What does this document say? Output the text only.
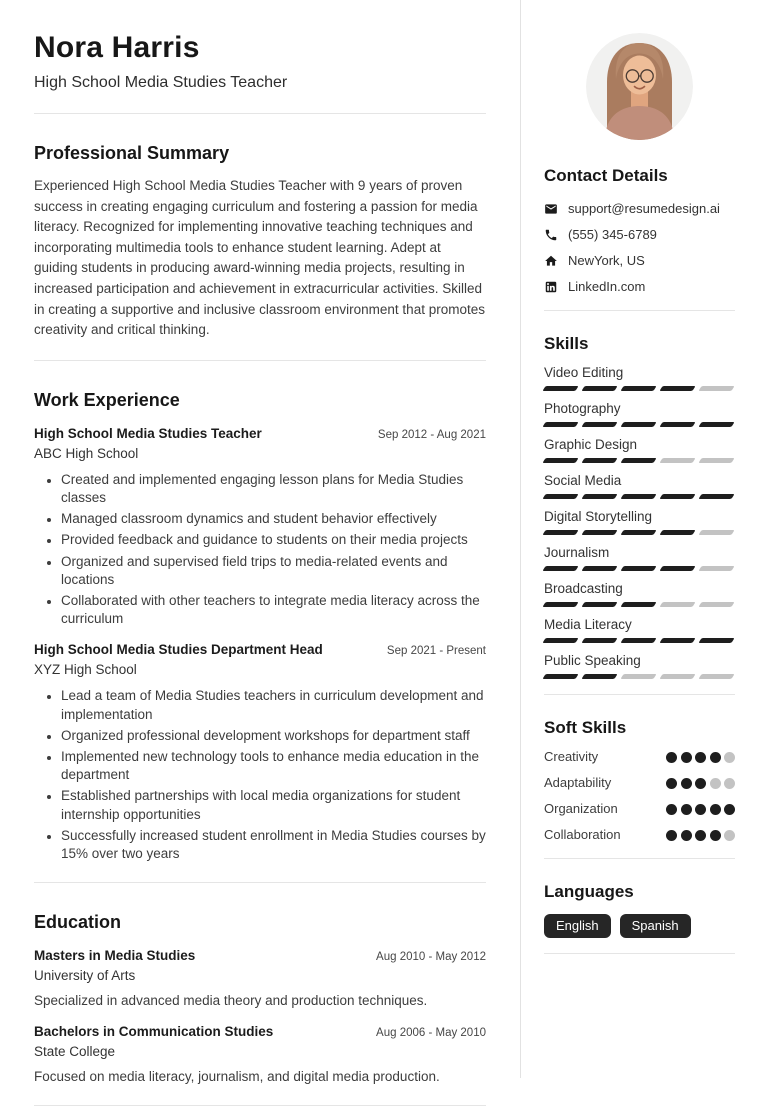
Nora Harris
High School Media Studies Teacher
Professional Summary

Experienced High School Media Studies Teacher with 9 years of proven success in creating engaging curriculum and fostering a passion for media literacy. Recognized for implementing innovative teaching techniques and incorporating multimedia tools to enhance student learning. Adept at guiding students in producing award-winning media projects, resulting in increased participation and achievement in extracurricular activities. Skilled in creating a supportive and inclusive classroom environment that promotes creativity and critical thinking.

Work Experience
High School Media Studies Teacher	Sep 2012 - Aug 2021
ABC High School
• Created and implemented engaging lesson plans for Media Studies classes
• Managed classroom dynamics and student behavior effectively
• Provided feedback and guidance to students on their media projects
• Organized and supervised field trips to media-related events and locations
• Collaborated with other teachers to integrate media literacy across the curriculum
High School Media Studies Department Head	Sep 2021 - Present
XYZ High School
• Lead a team of Media Studies teachers in curriculum development and implementation
• Organized professional development workshops for department staff
• Implemented new technology tools to enhance media education in the department
• Established partnerships with local media organizations for student internship opportunities
• Successfully increased student enrollment in Media Studies courses by 15% over two years
Education
Masters in Media Studies	Aug 2010 - May 2012
University of Arts

Specialized in advanced media theory and production techniques.

Bachelors in Communication Studies	Aug 2006 - May 2010
State College

Focused on media literacy, journalism, and digital media production.

Contact Details
support@resumedesign.ai
(555) 345-6789
NewYork, US
LinkedIn.com
Skills
Video Editing
Photography
Graphic Design
Social Media
Digital Storytelling
Journalism
Broadcasting
Media Literacy
Public Speaking
Soft Skills
Creativity
Adaptability
Organization
Collaboration
Languages
English	Spanish
